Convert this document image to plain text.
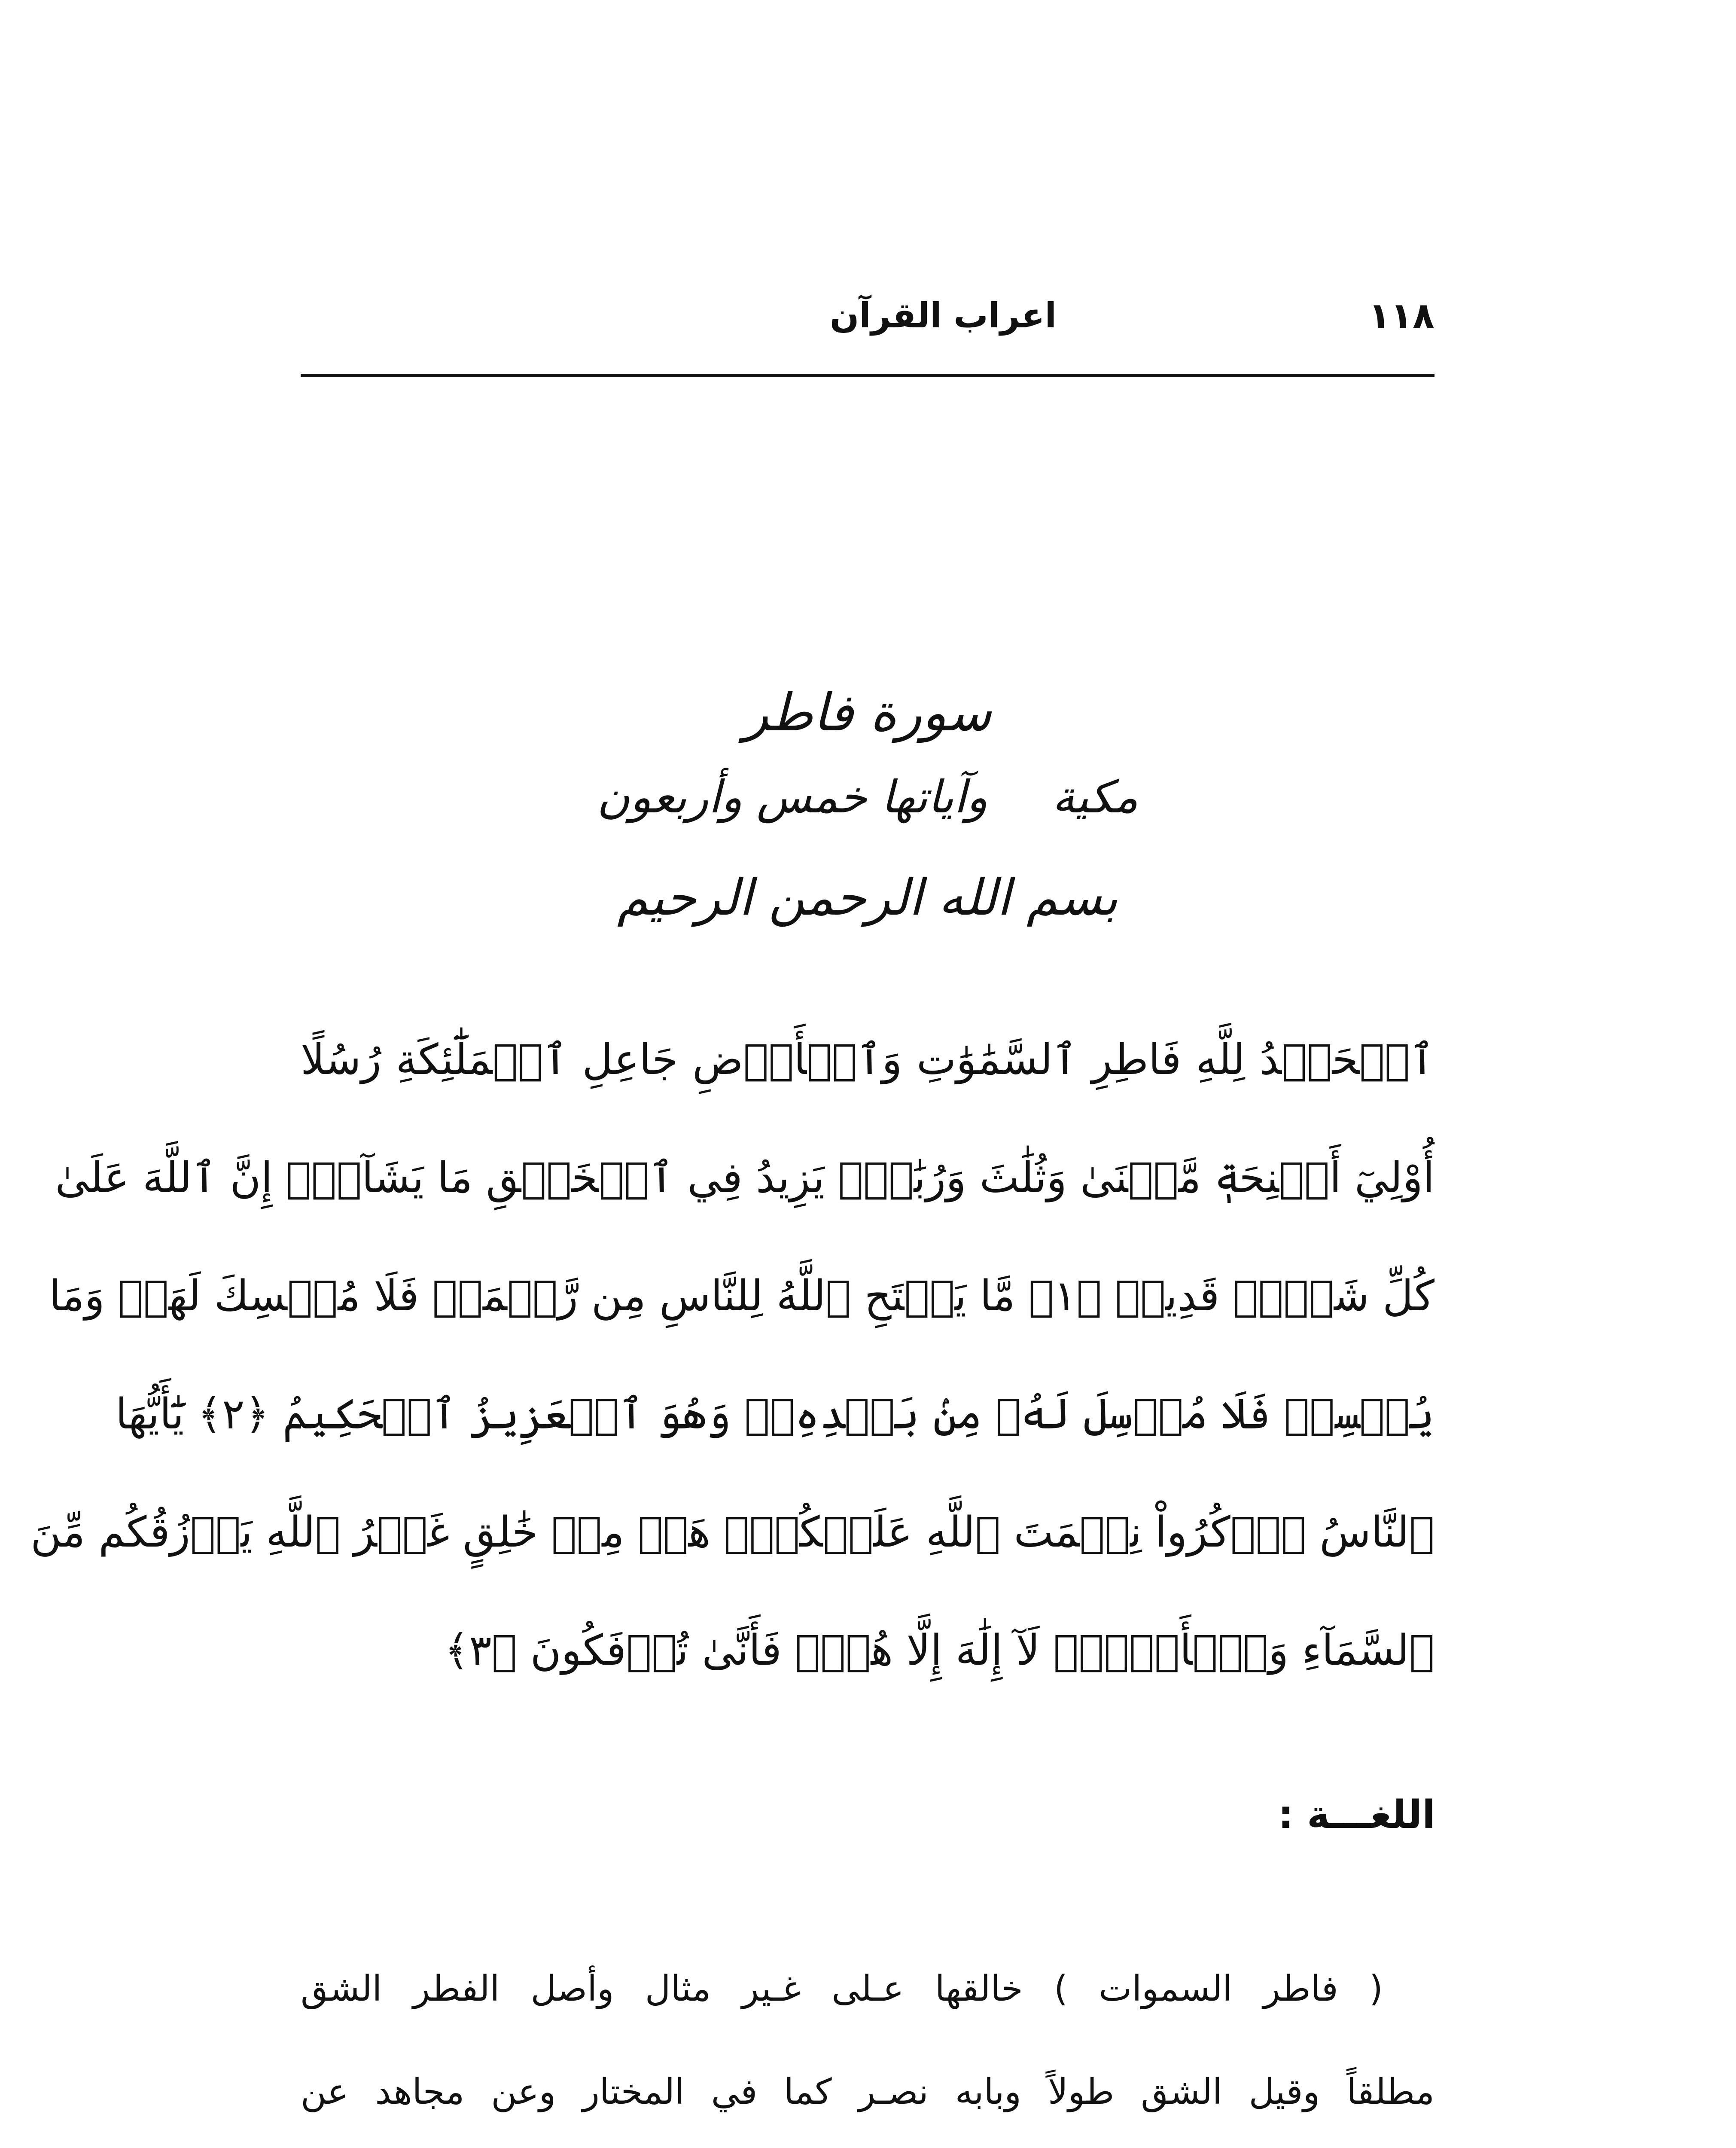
اعراب القرآن	١١٨
سورة فاطر
مكيةوآياتها خمس وأربعون
بسم الله الرحمن الرحيم
ٱلۡحَمۡدُ لِلَّهِ فَاطِرِ ٱلسَّمَٰوَٰتِ وَٱلۡأَرۡضِ جَاعِلِ ٱلۡمَلَٰٓئِكَةِ رُسُلًا
أُوْلِيٓ أَجۡنِحَةٖ مَّثۡنَىٰ وَثُلَٰثَ وَرُبَٰعَۚ يَزِيدُ فِي ٱلۡخَلۡقِ مَا يَشَآءُۚ إِنَّ ٱللَّهَ عَلَىٰ
كُلِّ شَيۡءٖ قَدِيرٞ ﴿١﴾ مَّا يَفۡتَحِ ٱللَّهُ لِلنَّاسِ مِن رَّحۡمَةٖ فَلَا مُمۡسِكَ لَهَاۖ وَمَا
يُمۡسِكۡ فَلَا مُرۡسِلَ لَهُۥ مِنۢ بَعۡدِهِۦۚ وَهُوَ ٱلۡعَزِيزُ ٱلۡحَكِيمُ ﴿٢﴾ يَٰٓأَيُّهَا
ٱلنَّاسُ ٱذۡكُرُواْ نِعۡمَتَ ٱللَّهِ عَلَيۡكُمۡۚ هَلۡ مِنۡ خَٰلِقٍ غَيۡرُ ٱللَّهِ يَرۡزُقُكُم مِّنَ
ٱلسَّمَآءِ وَٱلۡأَرۡضِۚ لَآ إِلَٰهَ إِلَّا هُوَۖ فَأَنَّىٰ تُؤۡفَكُونَ ﴿٣﴾
اللغـــة :
( فاطر السموات ) خالقها عـلى غـير مثال وأصل الفطر الشق
مطلقاً وقيل الشق طولاً وبابه نصـر كما في المختار وعن مجاهد عن
